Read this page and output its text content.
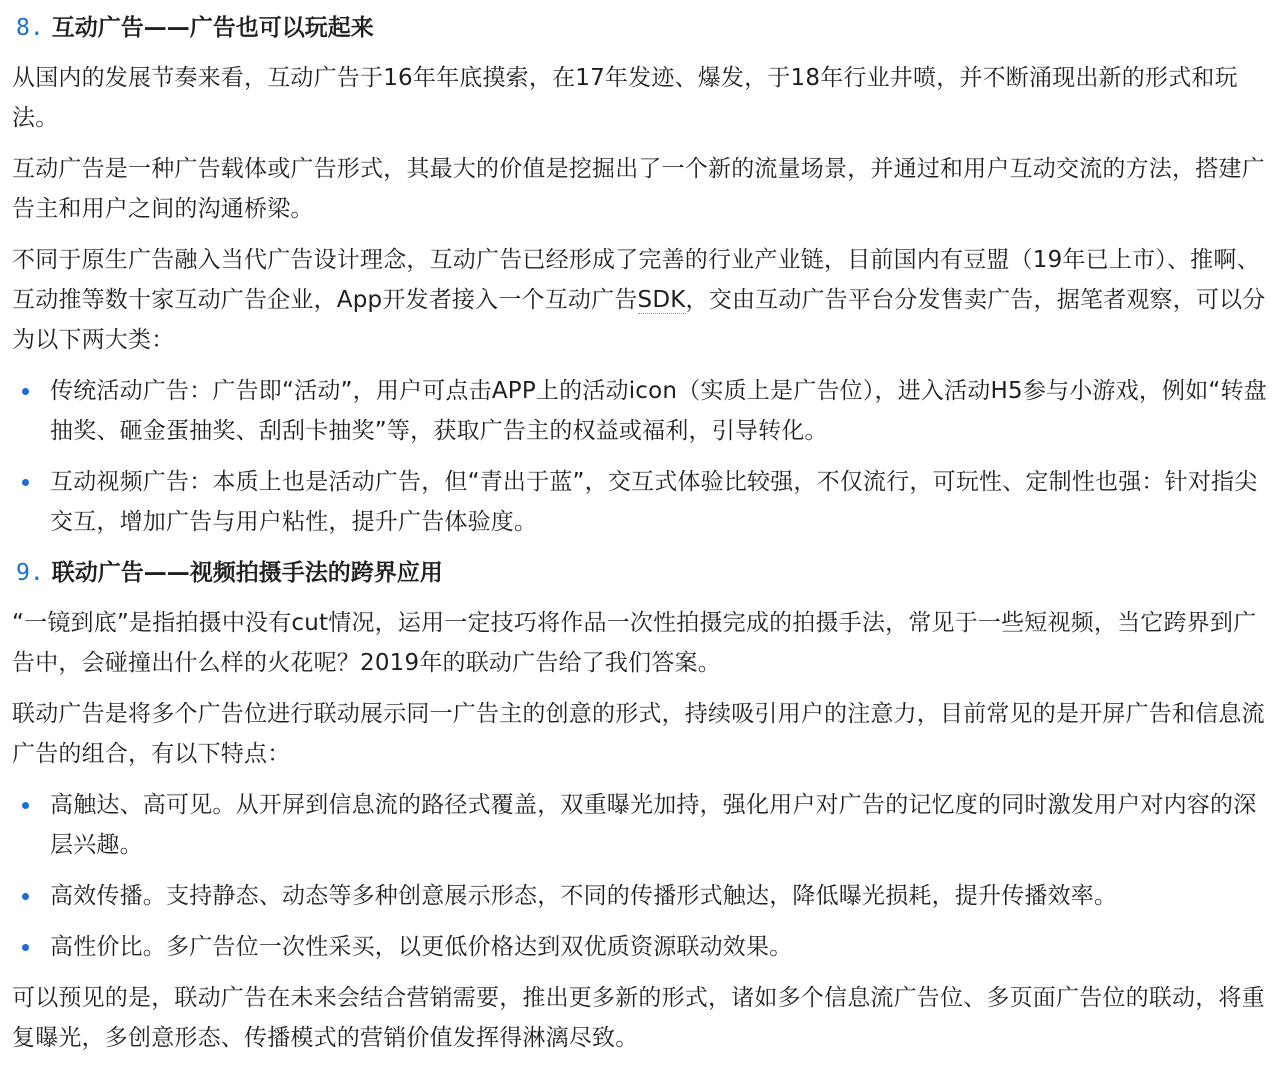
8. 互动广告——广告也可以玩起来

从国内的发展节奏来看，互动广告于16年年底摸索，在17年发迹、爆发，于18年行业井喷，并不断涌现出新的形式和玩法。

互动广告是一种广告载体或广告形式，其最大的价值是挖掘出了一个新的流量场景，并通过和用户互动交流的方法，搭建广告主和用户之间的沟通桥梁。

不同于原生广告融入当代广告设计理念，互动广告已经形成了完善的行业产业链，目前国内有豆盟（19年已上市）、推啊、互动推等数十家互动广告企业，App开发者接入一个互动广告SDK，交由互动广告平台分发售卖广告，据笔者观察，可以分为以下两大类：

传统活动广告：广告即“活动”，用户可点击APP上的活动icon（实质上是广告位），进入活动H5参与小游戏，例如“转盘抽奖、砸金蛋抽奖、刮刮卡抽奖”等，获取广告主的权益或福利，引导转化。
互动视频广告：本质上也是活动广告，但“青出于蓝”，交互式体验比较强，不仅流行，可玩性、定制性也强：针对指尖交互，增加广告与用户粘性，提升广告体验度。
9. 联动广告——视频拍摄手法的跨界应用

“一镜到底”是指拍摄中没有cut情况，运用一定技巧将作品一次性拍摄完成的拍摄手法，常见于一些短视频，当它跨界到广告中，会碰撞出什么样的火花呢？2019年的联动广告给了我们答案。

联动广告是将多个广告位进行联动展示同一广告主的创意的形式，持续吸引用户的注意力，目前常见的是开屏广告和信息流广告的组合，有以下特点：

高触达、高可见。从开屏到信息流的路径式覆盖，双重曝光加持，强化用户对广告的记忆度的同时激发用户对内容的深层兴趣。
高效传播。支持静态、动态等多种创意展示形态，不同的传播形式触达，降低曝光损耗，提升传播效率。
高性价比。多广告位一次性采买，以更低价格达到双优质资源联动效果。

可以预见的是，联动广告在未来会结合营销需要，推出更多新的形式，诸如多个信息流广告位、多页面广告位的联动，将重复曝光，多创意形态、传播模式的营销价值发挥得淋漓尽致。
